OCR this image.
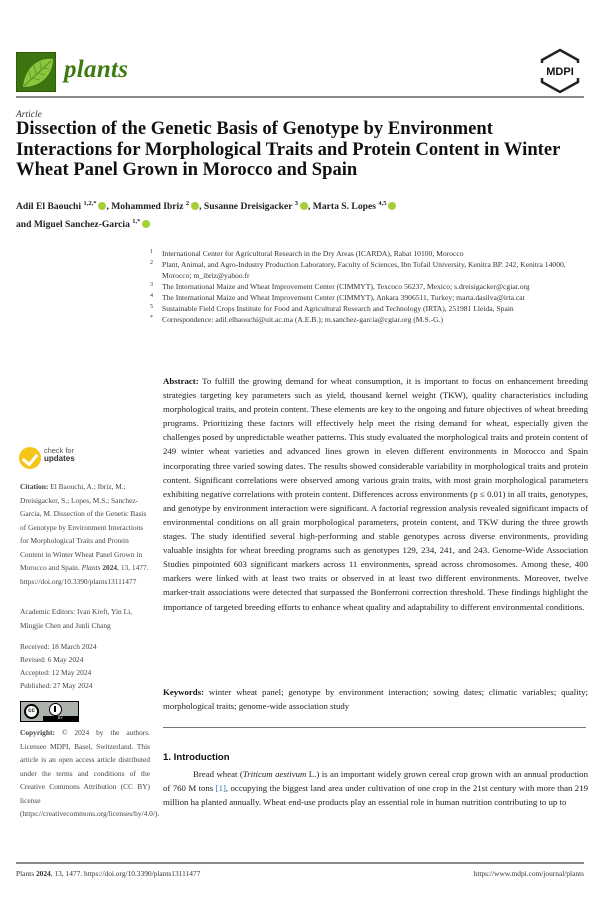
plants	MDPI
Article
Dissection of the Genetic Basis of Genotype by Environment Interactions for Morphological Traits and Protein Content in Winter Wheat Panel Grown in Morocco and Spain
Adil El Baouchi $^{1,2,*}$ , Mohammed Ibriz $^2$ , Susanne Dreisigacker $^3$ , Marta S. Lopes $^{4,5}$
and Miguel Sanchez-Garcia $^{1,*}$
1 International Center for Agricultural Research in the Dry Areas (ICARDA), Rabat 10100, Morocco
2 Plant, Animal, and Agro-Industry Production Laboratory, Faculty of Sciences, Ibn Tofail University, Kenitra BP. 242, Kenitra 14000, Morocco; m_ibriz@yahoo.fr
3 The International Maize and Wheat Improvement Center (CIMMYT), Texcoco 56237, Mexico; s.dreisigacker@cgiar.org
4 The International Maize and Wheat Improvement Center (CIMMYT), Ankara 3906511, Turkey; marta.dasilva@irta.cat
5 Sustainable Field Crops Institute for Food and Agricultural Research and Technology (IRTA), 251981 Lleida, Spain
* Correspondence: adil.elbaouchi@uit.ac.ma (A.E.B.); m.sanchez-garcia@cgiar.org (M.S.-G.)
Abstract: To fulfill the growing demand for wheat consumption, it is important to focus on enhancement breeding strategies targeting key parameters such as yield, thousand kernel weight (TKW), quality characteristics including morphological traits, and protein content. These elements are key to the ongoing and future objectives of wheat breeding programs. Prioritizing these factors will effectively help meet the rising demand for wheat, especially given the challenges posed by unpredictable weather patterns. This study evaluated the morphological traits and protein content of 249 winter wheat varieties and advanced lines grown in eleven different environments in Morocco and Spain incorporating three varied sowing dates. The results showed considerable variability in morphological traits and protein content. Significant correlations were observed among various grain traits, with most grain morphological parameters exhibiting negative correlations with protein content. Differences across environments (p ≤ 0.01) in all traits, genotypes, and genotype by environment interaction were significant. A factorial regression analysis revealed significant impacts of environmental conditions on all grain morphological parameters, protein content, and TKW during the three growth stages. The study identified several high-performing and stable genotypes across diverse environments, providing valuable insights for wheat breeding programs such as genotypes 129, 234, 241, and 243. Genome-Wide Association Studies pinpointed 603 significant markers across 11 environments, spread across chromosomes. Among these, 400 markers were linked with at least two traits or observed in at least two different environments. Moreover, twelve marker-trait associations were detected that surpassed the Bonferroni correction threshold. These findings highlight the importance of targeted breeding efforts to enhance wheat quality and adaptability to different environmental conditions.
Keywords: winter wheat panel; genotype by environment interaction; sowing dates; climatic variables; quality; morphological traits; genome-wide association study
1. Introduction

Bread wheat (Triticum aestivum L.) is an important widely grown cereal crop grown with an annual production of 760 M tons [1], occupying the biggest land area under cultivation of one crop in the 21st century with more than 219 million ha planted annually. Wheat end-use products play an essential role in human nutrition contributing to up to

check for
updates
Citation: El Baouchi, A.; Ibriz, M.; Dreisigacker, S.; Lopes, M.S.; Sanchez-Garcia, M. Dissection of the Genetic Basis of Genotype by Environment Interactions for Morphological Traits and Protein Content in Winter Wheat Panel Grown in Morocco and Spain. Plants 2024, 13, 1477. https://doi.org/10.3390/plants13111477
Academic Editors: Ivan Kreft, Yin Li, Mingjie Chen and Junli Chang
Received: 18 March 2024
Revised: 6 May 2024
Accepted: 12 May 2024
Published: 27 May 2024
cc
BY
Copyright: © 2024 by the authors. Licensee MDPI, Basel, Switzerland. This article is an open access article distributed under the terms and conditions of the Creative Commons Attribution (CC BY) license (https://creativecommons.org/licenses/by/4.0/).
Plants 2024, 13, 1477. https://doi.org/10.3390/plants13111477	https://www.mdpi.com/journal/plants
